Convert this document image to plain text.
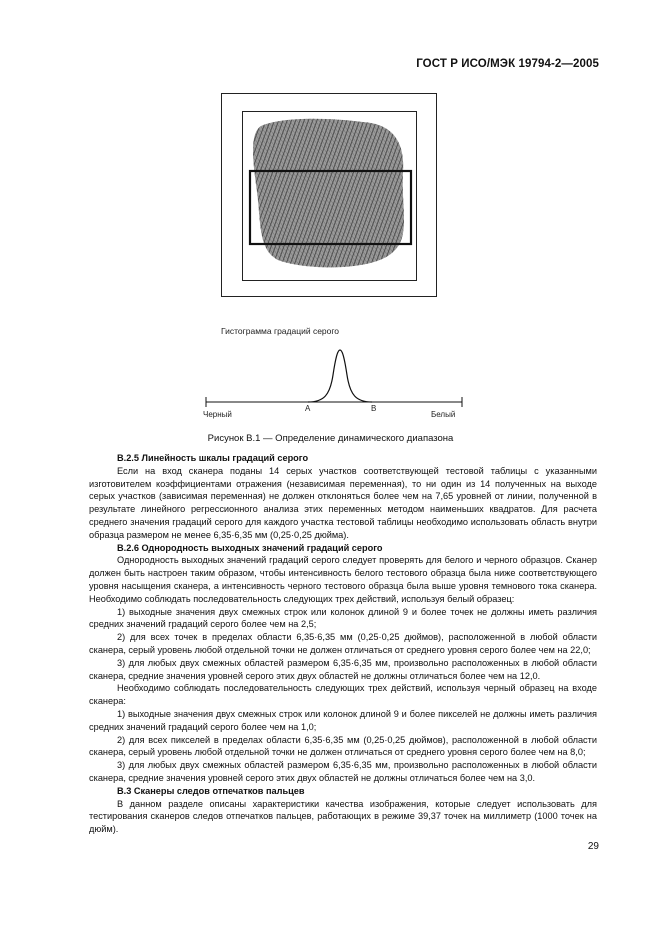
ГОСТ Р ИСО/МЭК 19794-2—2005
Гистограмма градаций серого
Черный
A	B
Белый
Рисунок В.1 — Определение динамического диапазона

В.2.5 Линейность шкалы градаций серого

Если на вход сканера поданы 14 серых участков соответствующей тестовой таблицы с указанными изготовителем коэффициентами отражения (независимая переменная), то ни один из 14 полученных на выходе серых участков (зависимая переменная) не должен отклоняться более чем на 7,65 уровней от линии, полученной в результате линейного регрессионного анализа этих переменных методом наименьших квадратов. Для расчета среднего значения градаций серого для каждого участка тестовой таблицы необходимо использовать область внутри образца размером не менее 6,35·6,35 мм (0,25·0,25 дюйма).

В.2.6 Однородность выходных значений градаций серого

Однородность выходных значений градаций серого следует проверять для белого и черного образцов. Сканер должен быть настроен таким образом, чтобы интенсивность белого тестового образца была ниже соответствующего уровня насыщения сканера, а интенсивность черного тестового образца была выше уровня темнового тока сканера. Необходимо соблюдать последовательность следующих трех действий, используя белый образец:

1) выходные значения двух смежных строк или колонок длиной 9 и более точек не должны иметь различия средних значений градаций серого более чем на 2,5;

2) для всех точек в пределах области 6,35·6,35 мм (0,25·0,25 дюймов), расположенной в любой области сканера, серый уровень любой отдельной точки не должен отличаться от среднего уровня серого более чем на 22,0;

3) для любых двух смежных областей размером 6,35·6,35 мм, произвольно расположенных в любой области сканера, средние значения уровней серого этих двух областей не должны отличаться более чем на 12,0.

Необходимо соблюдать последовательность следующих трех действий, используя черный образец на входе сканера:

1) выходные значения двух смежных строк или колонок длиной 9 и более пикселей не должны иметь различия средних значений градаций серого более чем на 1,0;

2) для всех пикселей в пределах области 6,35·6,35 мм (0,25·0,25 дюймов), расположенной в любой области сканера, серый уровень любой отдельной точки не должен отличаться от среднего уровня серого более чем на 8,0;

3) для любых двух смежных областей размером 6,35·6,35 мм, произвольно расположенных в любой области сканера, средние значения уровней серого этих двух областей не должны отличаться более чем на 3,0.

В.3 Сканеры следов отпечатков пальцев

В данном разделе описаны характеристики качества изображения, которые следует использовать для тестирования сканеров следов отпечатков пальцев, работающих в режиме 39,37 точек на миллиметр (1000 точек на дюйм).

29
